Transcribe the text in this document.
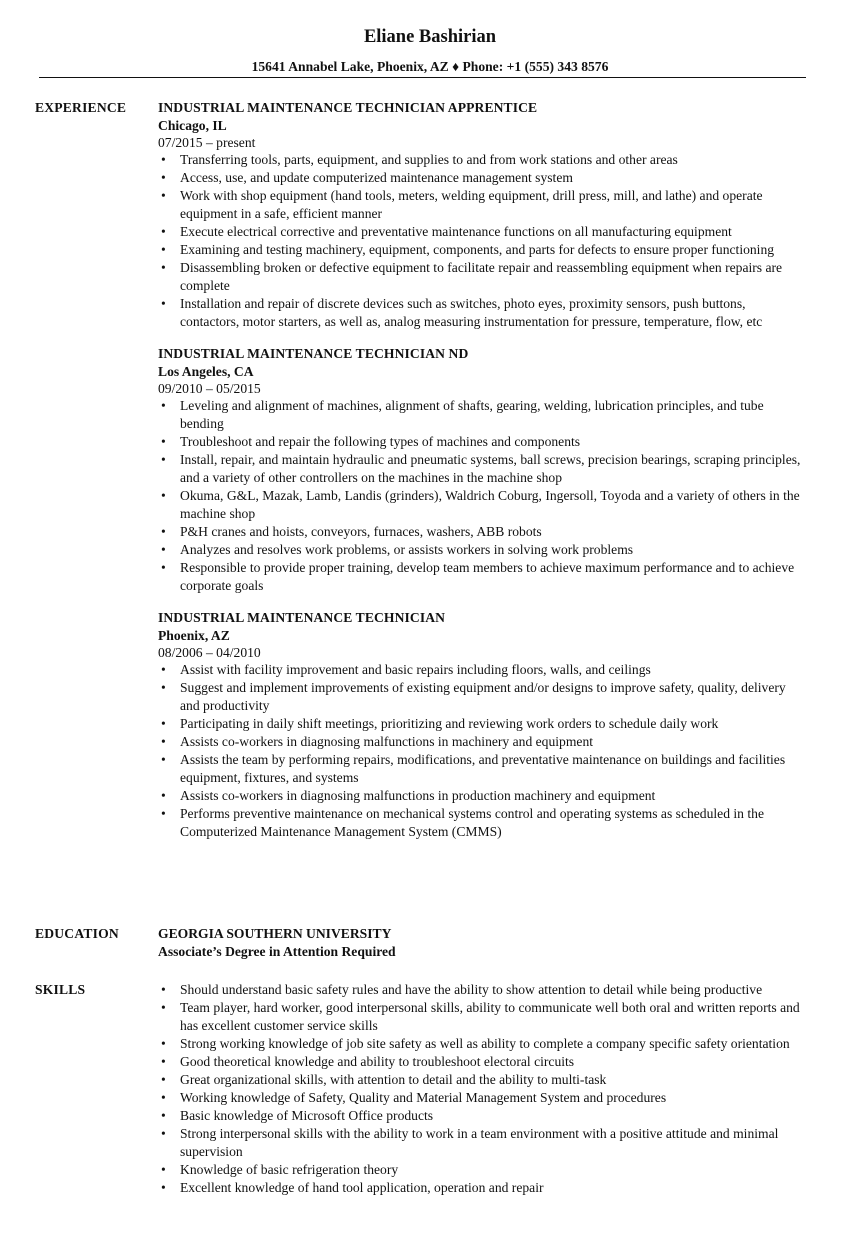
Eliane Bashirian
15641 Annabel Lake, Phoenix, AZ ♦ Phone: +1 (555) 343 8576
EXPERIENCE INDUSTRIAL MAINTENANCE TECHNICIAN APPRENTICE
Chicago, IL
07/2015 – present
• Transferring tools, parts, equipment, and supplies to and from work stations and other areas
• Access, use, and update computerized maintenance management system
• Work with shop equipment (hand tools, meters, welding equipment, drill press, mill, and lathe) and operate equipment in a safe, efficient manner
• Execute electrical corrective and preventative maintenance functions on all manufacturing equipment
• Examining and testing machinery, equipment, components, and parts for defects to ensure proper functioning
• Disassembling broken or defective equipment to facilitate repair and reassembling equipment when repairs are complete
• Installation and repair of discrete devices such as switches, photo eyes, proximity sensors, push buttons, contactors, motor starters, as well as, analog measuring instrumentation for pressure, temperature, flow, etc
INDUSTRIAL MAINTENANCE TECHNICIAN ND
Los Angeles, CA
09/2010 – 05/2015
• Leveling and alignment of machines, alignment of shafts, gearing, welding, lubrication principles, and tube bending
• Troubleshoot and repair the following types of machines and components
• Install, repair, and maintain hydraulic and pneumatic systems, ball screws, precision bearings, scraping principles, and a variety of other controllers on the machines in the machine shop
• Okuma, G&L, Mazak, Lamb, Landis (grinders), Waldrich Coburg, Ingersoll, Toyoda and a variety of others in the machine shop
• P&H cranes and hoists, conveyors, furnaces, washers, ABB robots
• Analyzes and resolves work problems, or assists workers in solving work problems
• Responsible to provide proper training, develop team members to achieve maximum performance and to achieve corporate goals
INDUSTRIAL MAINTENANCE TECHNICIAN
Phoenix, AZ
08/2006 – 04/2010
• Assist with facility improvement and basic repairs including floors, walls, and ceilings
• Suggest and implement improvements of existing equipment and/or designs to improve safety, quality, delivery and productivity
• Participating in daily shift meetings, prioritizing and reviewing work orders to schedule daily work
• Assists co-workers in diagnosing malfunctions in machinery and equipment
• Assists the team by performing repairs, modifications, and preventative maintenance on buildings and facilities equipment, fixtures, and systems
• Assists co-workers in diagnosing malfunctions in production machinery and equipment
• Performs preventive maintenance on mechanical systems control and operating systems as scheduled in the Computerized Maintenance Management System (CMMS)
EDUCATION	GEORGIA SOUTHERN UNIVERSITY
Associate’s Degree in Attention Required
SKILLS
•	Should understand basic safety rules and have the ability to show attention to detail while being productive
• Team player, hard worker, good interpersonal skills, ability to communicate well both oral and written reports and has excellent customer service skills
• Strong working knowledge of job site safety as well as ability to complete a company specific safety orientation
• Good theoretical knowledge and ability to troubleshoot electoral circuits
• Great organizational skills, with attention to detail and the ability to multi-task
• Working knowledge of Safety, Quality and Material Management System and procedures
• Basic knowledge of Microsoft Office products
• Strong interpersonal skills with the ability to work in a team environment with a positive attitude and minimal supervision
• Knowledge of basic refrigeration theory
• Excellent knowledge of hand tool application, operation and repair
